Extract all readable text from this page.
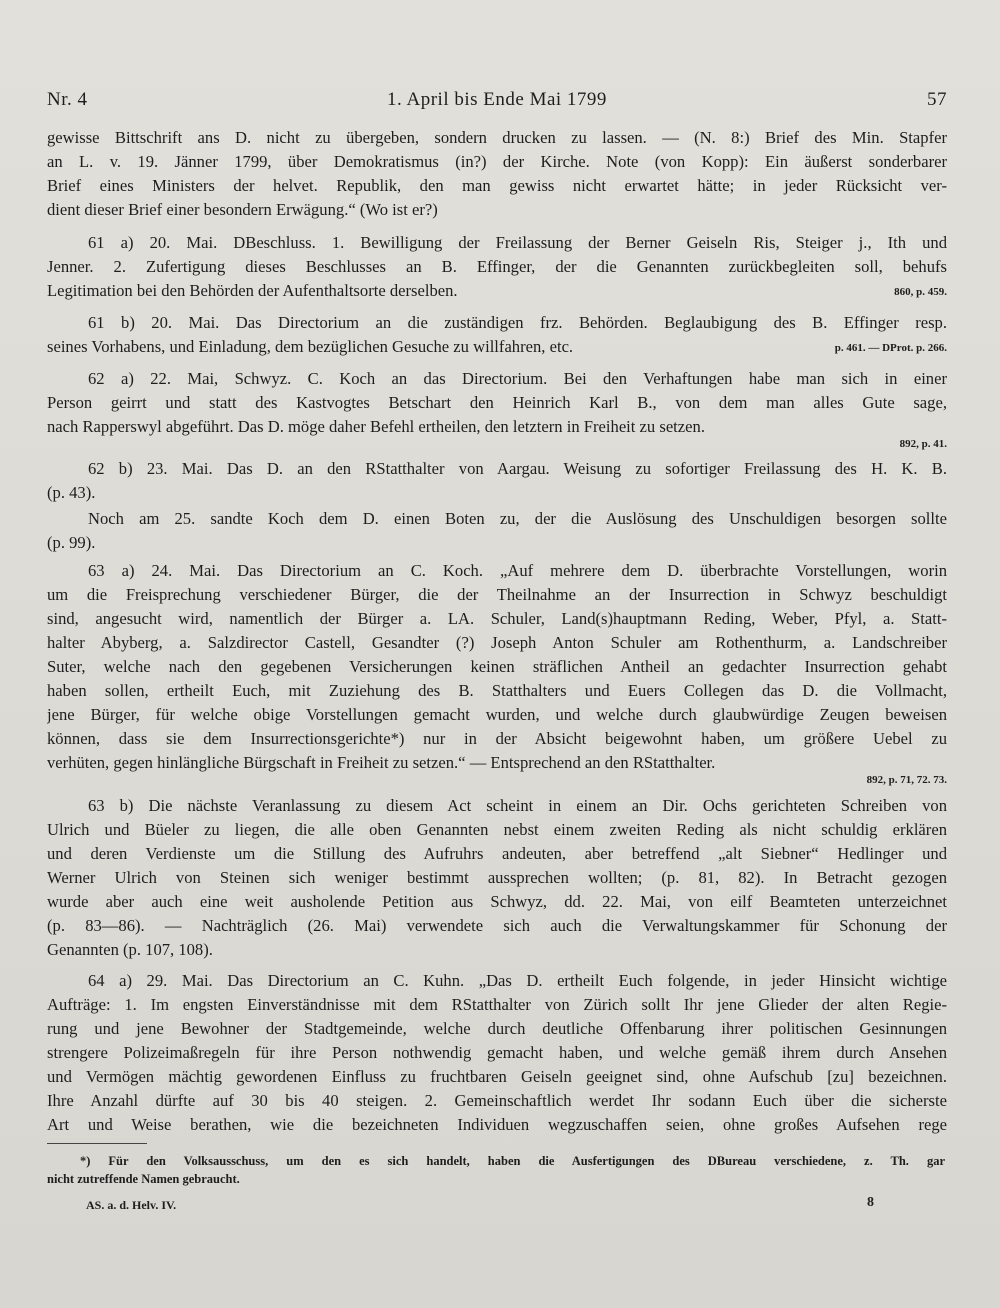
Nr. 4	1. April bis Ende Mai 1799	57
gewisse Bittschrift ans D. nicht zu übergeben, sondern drucken zu lassen. — (N. 8:) Brief des Min. Stapfer
an L. v. 19. Jänner 1799, über Demokratismus (in?) der Kirche. Note (von Kopp): Ein äußerst sonderbarer
Brief eines Ministers der helvet. Republik, den man gewiss nicht erwartet hätte; in jeder Rücksicht ver-
dient dieser Brief einer besondern Erwägung.“ (Wo ist er?)
61 a) 20. Mai. DBeschluss. 1. Bewilligung der Freilassung der Berner Geiseln Ris, Steiger j., Ith und
Jenner. 2. Zufertigung dieses Beschlusses an B. Effinger, der die Genannten zurückbegleiten soll, behufs
Legitimation bei den Behörden der Aufenthaltsorte derselben.	860, p. 459.
61 b) 20. Mai. Das Directorium an die zuständigen frz. Behörden. Beglaubigung des B. Effinger resp.
seines Vorhabens, und Einladung, dem bezüglichen Gesuche zu willfahren, etc.	p. 461. — DProt. p. 266.
62 a) 22. Mai, Schwyz. C. Koch an das Directorium. Bei den Verhaftungen habe man sich in einer
Person geirrt und statt des Kastvogtes Betschart den Heinrich Karl B., von dem man alles Gute sage,
nach Rapperswyl abgeführt. Das D. möge daher Befehl ertheilen, den letztern in Freiheit zu setzen.
892, p. 41.
62 b) 23. Mai. Das D. an den RStatthalter von Aargau. Weisung zu sofortiger Freilassung des H. K. B.
(p. 43).
Noch am 25. sandte Koch dem D. einen Boten zu, der die Auslösung des Unschuldigen besorgen sollte
(p. 99).
63 a) 24. Mai. Das Directorium an C. Koch. „Auf mehrere dem D. überbrachte Vorstellungen, worin
um die Freisprechung verschiedener Bürger, die der Theilnahme an der Insurrection in Schwyz beschuldigt
sind, angesucht wird, namentlich der Bürger a. LA. Schuler, Land(s)hauptmann Reding, Weber, Pfyl, a. Statt-
halter Abyberg, a. Salzdirector Castell, Gesandter (?) Joseph Anton Schuler am Rothenthurm, a. Landschreiber
Suter, welche nach den gegebenen Versicherungen keinen sträflichen Antheil an gedachter Insurrection gehabt
haben sollen, ertheilt Euch, mit Zuziehung des B. Statthalters und Euers Collegen das D. die Vollmacht,
jene Bürger, für welche obige Vorstellungen gemacht wurden, und welche durch glaubwürdige Zeugen beweisen
können, dass sie dem Insurrectionsgerichte*) nur in der Absicht beigewohnt haben, um größere Uebel zu
verhüten, gegen hinlängliche Bürgschaft in Freiheit zu setzen.“ — Entsprechend an den RStatthalter.
892, p. 71, 72. 73.
63 b) Die nächste Veranlassung zu diesem Act scheint in einem an Dir. Ochs gerichteten Schreiben von
Ulrich und Büeler zu liegen, die alle oben Genannten nebst einem zweiten Reding als nicht schuldig erklären
und deren Verdienste um die Stillung des Aufruhrs andeuten, aber betreffend „alt Siebner“ Hedlinger und
Werner Ulrich von Steinen sich weniger bestimmt aussprechen wollten; (p. 81, 82). In Betracht gezogen
wurde aber auch eine weit ausholende Petition aus Schwyz, dd. 22. Mai, von eilf Beamteten unterzeichnet
(p. 83—86). — Nachträglich (26. Mai) verwendete sich auch die Verwaltungskammer für Schonung der
Genannten (p. 107, 108).
64 a) 29. Mai. Das Directorium an C. Kuhn. „Das D. ertheilt Euch folgende, in jeder Hinsicht wichtige
Aufträge: 1. Im engsten Einverständnisse mit dem RStatthalter von Zürich sollt Ihr jene Glieder der alten Regie-
rung und jene Bewohner der Stadtgemeinde, welche durch deutliche Offenbarung ihrer politischen Gesinnungen
strengere Polizeimaßregeln für ihre Person nothwendig gemacht haben, und welche gemäß ihrem durch Ansehen
und Vermögen mächtig gewordenen Einfluss zu fruchtbaren Geiseln geeignet sind, ohne Aufschub [zu] bezeichnen.
Ihre Anzahl dürfte auf 30 bis 40 steigen. 2. Gemeinschaftlich werdet Ihr sodann Euch über die sicherste
Art und Weise berathen, wie die bezeichneten Individuen wegzuschaffen seien, ohne großes Aufsehen rege
*) Für den Volksausschuss, um den es sich handelt, haben die Ausfertigungen des DBureau verschiedene, z. Th. gar
nicht zutreffende Namen gebraucht.
AS. a. d. Helv. IV.	8
